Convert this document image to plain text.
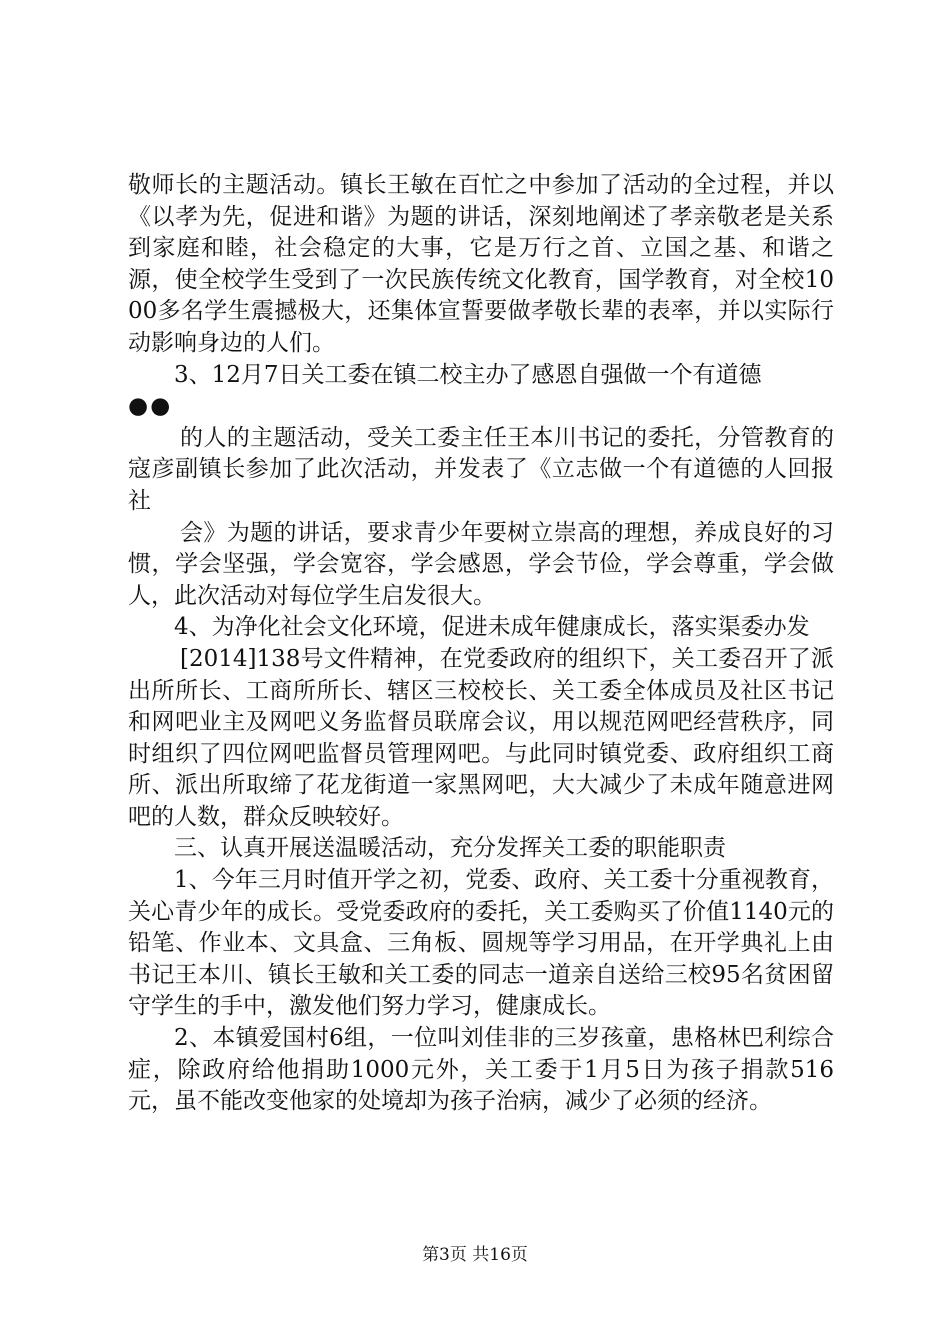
敬师长的主题活动。镇长王敏在百忙之中参加了活动的全过程，并以《以孝为先，促进和谐》为题的讲话，深刻地阐述了孝亲敬老是关系到家庭和睦，社会稳定的大事，它是万行之首、立国之基、和谐之源，使全校学生受到了一次民族传统文化教育，国学教育，对全校1000多名学生震撼极大，还集体宣誓要做孝敬长辈的表率，并以实际行动影响身边的人们。

3、12月7日关工委在镇二校主办了感恩自强做一个有道德

●●

的人的主题活动，受关工委主任王本川书记的委托，分管教育的寇彦副镇长参加了此次活动，并发表了《立志做一个有道德的人回报社

会》为题的讲话，要求青少年要树立崇高的理想，养成良好的习惯，学会坚强，学会宽容，学会感恩，学会节俭，学会尊重，学会做人，此次活动对每位学生启发很大。

4、为净化社会文化环境，促进未成年健康成长，落实渠委办发

[2014]138号文件精神，在党委政府的组织下，关工委召开了派出所所长、工商所所长、辖区三校校长、关工委全体成员及社区书记和网吧业主及网吧义务监督员联席会议，用以规范网吧经营秩序，同时组织了四位网吧监督员管理网吧。与此同时镇党委、政府组织工商所、派出所取缔了花龙街道一家黑网吧，大大减少了未成年随意进网吧的人数，群众反映较好。

三、认真开展送温暖活动，充分发挥关工委的职能职责

1、今年三月时值开学之初，党委、政府、关工委十分重视教育，关心青少年的成长。受党委政府的委托，关工委购买了价值1140元的铅笔、作业本、文具盒、三角板、圆规等学习用品，在开学典礼上由书记王本川、镇长王敏和关工委的同志一道亲自送给三校95名贫困留守学生的手中，激发他们努力学习，健康成长。

2、本镇爱国村6组，一位叫刘佳非的三岁孩童，患格林巴利综合症，除政府给他捐助1000元外，关工委于1月5日为孩子捐款516元，虽不能改变他家的处境却为孩子治病，减少了必须的经济。

第3页 共16页
